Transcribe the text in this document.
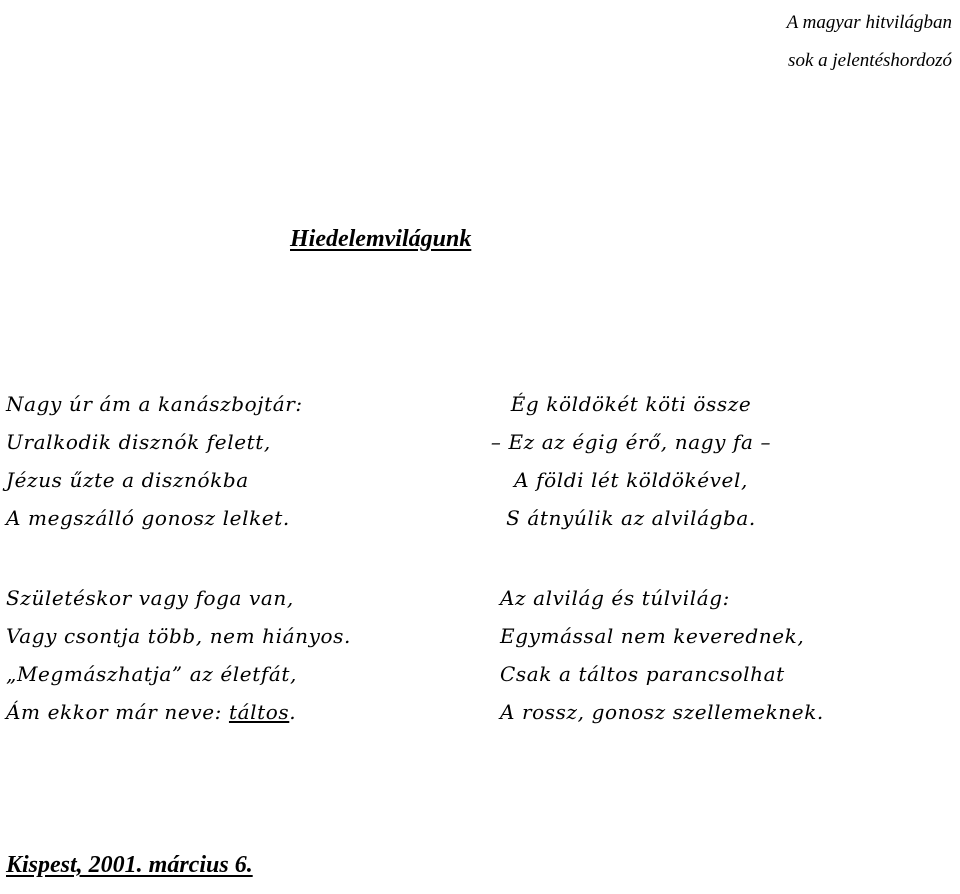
A magyar hitvilágban
sok a jelentéshordozó
Hiedelemvilágunk
Nagy úr ám a kanászbojtár:
Uralkodik disznók felett,
Jézus űzte a disznókba
A megszálló gonosz lelket.
Ég köldökét köti össze
– Ez az égig érő, nagy fa –
A földi lét köldökével,
S átnyúlik az alvilágba.
Születéskor vagy foga van,
Vagy csontja több, nem hiányos.
„Megmászhatja” az életfát,
Ám ekkor már neve: táltos.
Az alvilág és túlvilág:
Egymással nem keverednek,
Csak a táltos parancsolhat
A rossz, gonosz szellemeknek.
Kispest, 2001. március 6.
